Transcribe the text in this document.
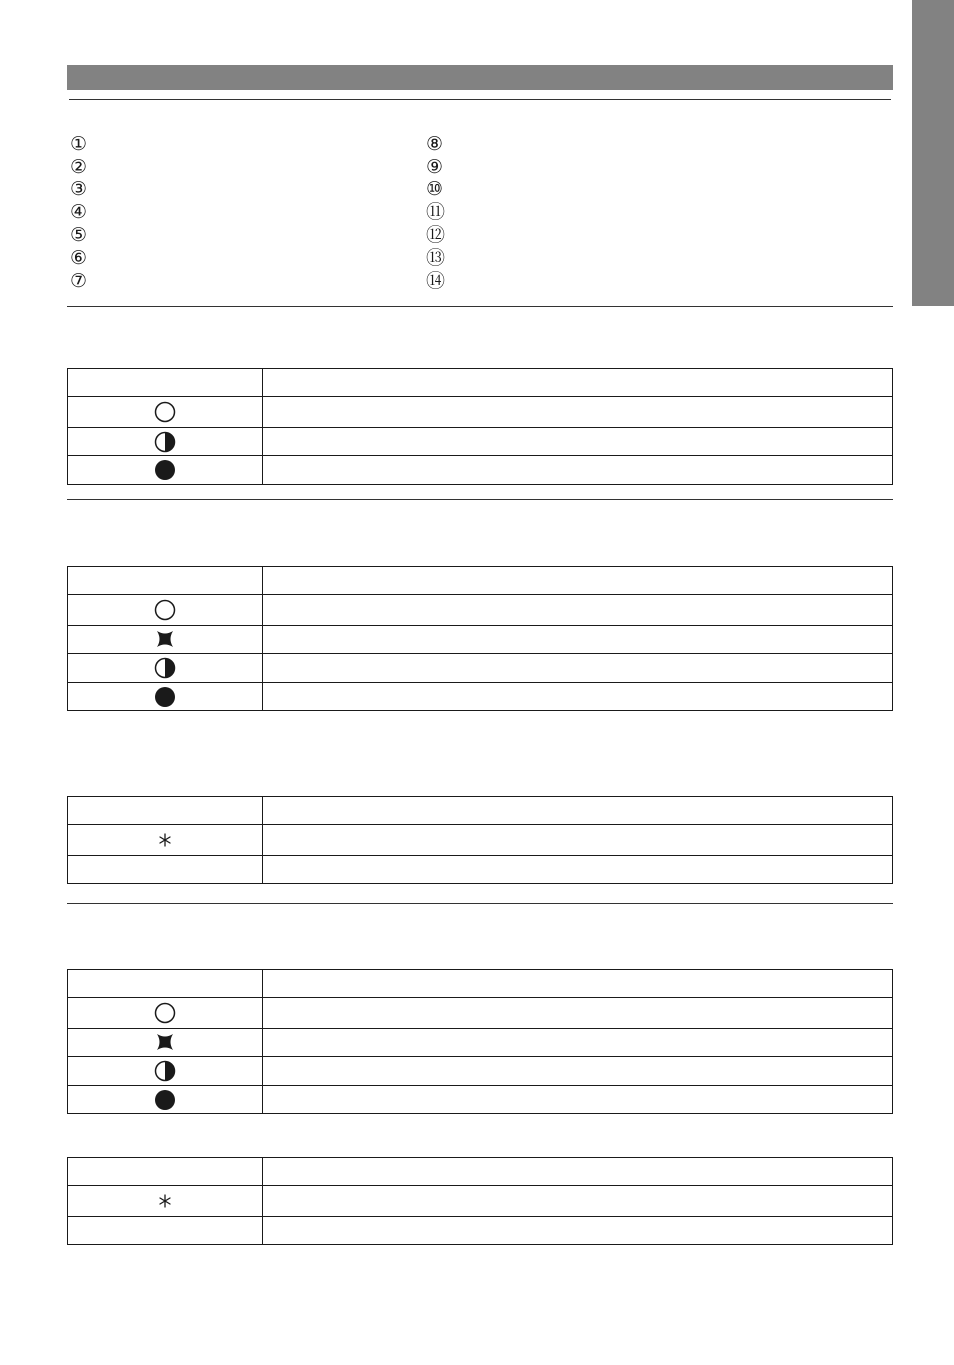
①
②
③
④
⑤
⑥
⑦
⑧
⑨
⑩
⑪
⑫
⑬
⑭
